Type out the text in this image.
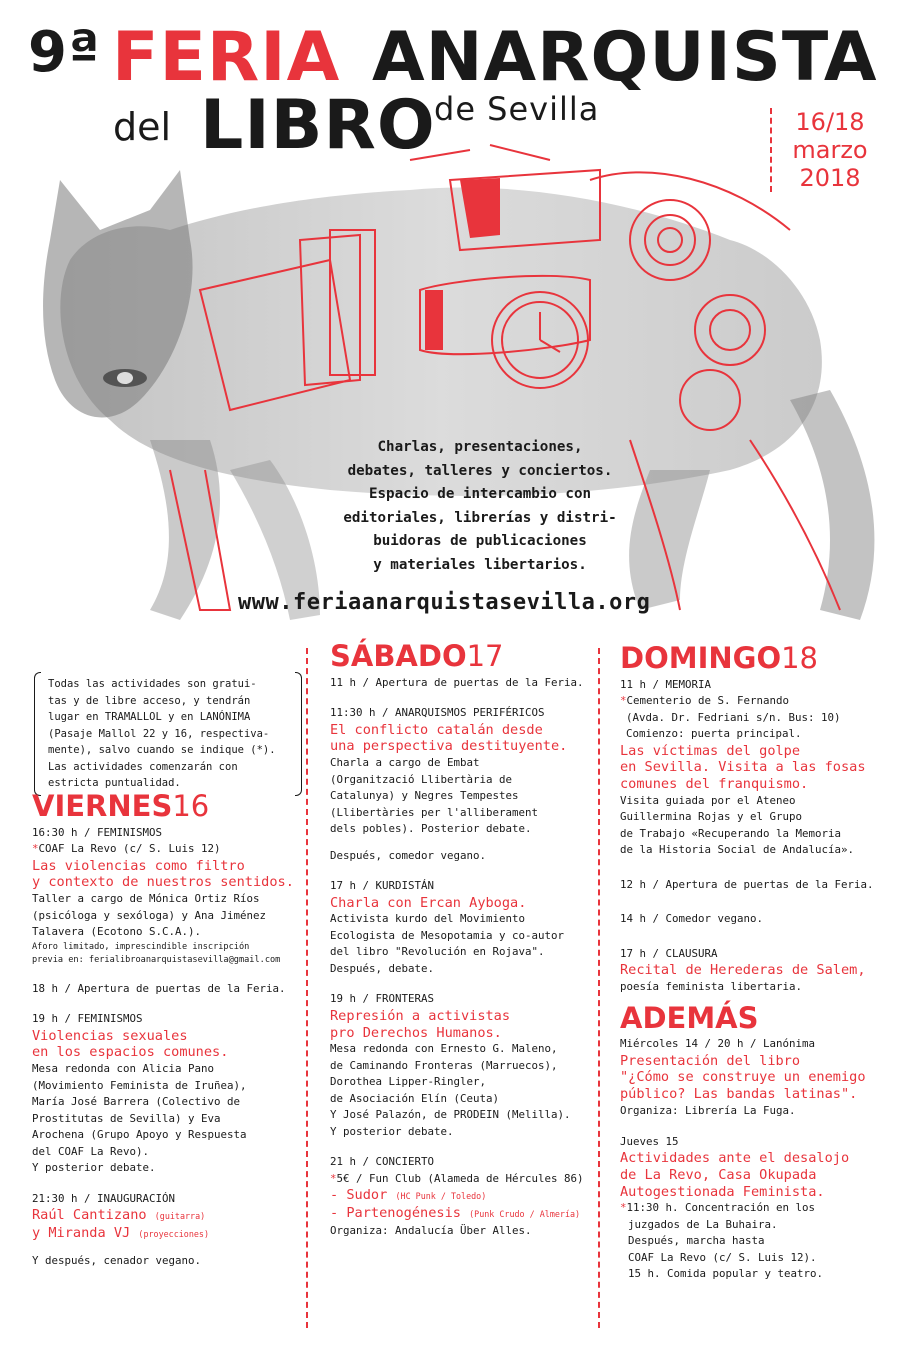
9ª FERIA ANARQUISTA
del LIBRO
de Sevilla	16/18
marzo
2018
Charlas, presentaciones,
debates, talleres y conciertos.
Espacio de intercambio con
editoriales, librerías y distri-
buidoras de publicaciones
y materiales libertarios.
www.feriaanarquistasevilla.org
Todas las actividades son gratui-
tas y de libre acceso, y tendrán
lugar en TRAMALLOL y en LANÓNIMA
(Pasaje Mallol 22 y 16, respectiva-
mente), salvo cuando se indique (*).
Las actividades comenzarán con
estricta puntualidad.
VIERNES16
16:30 h / FEMINISMOS
*COAF La Revo (c/ S. Luis 12)
Las violencias como filtro
y contexto de nuestros sentidos.
Taller a cargo de Mónica Ortiz Ríos
(psicóloga y sexóloga) y Ana Jiménez
Talavera (Ecotono S.C.A.).
Aforo limitado, imprescindible inscripción
previa en: ferialibroanarquistasevilla@gmail.com
18 h / Apertura de puertas de la Feria.
19 h / FEMINISMOS
Violencias sexuales
en los espacios comunes.
Mesa redonda con Alicia Pano
(Movimiento Feminista de Iruñea),
María José Barrera (Colectivo de
Prostitutas de Sevilla) y Eva
Arochena (Grupo Apoyo y Respuesta
del COAF La Revo).
Y posterior debate.
21:30 h / INAUGURACIÓN
Raúl Cantizano (guitarra)
y Miranda VJ (proyecciones)
Y después, cenador vegano.
SÁBADO17
11 h / Apertura de puertas de la Feria.
11:30 h / ANARQUISMOS PERIFÉRICOS
El conflicto catalán desde
una perspectiva destituyente.
Charla a cargo de Embat
(Organització Llibertària de
Catalunya) y Negres Tempestes
(Llibertàries per l'alliberament
dels pobles). Posterior debate.
Después, comedor vegano.
17 h / KURDISTÁN
Charla con Ercan Ayboga.
Activista kurdo del Movimiento
Ecologista de Mesopotamia y co-autor
del libro "Revolución en Rojava".
Después, debate.
19 h / FRONTERAS
Represión a activistas
pro Derechos Humanos.
Mesa redonda con Ernesto G. Maleno,
de Caminando Fronteras (Marruecos),
Dorothea Lipper-Ringler,
de Asociación Elín (Ceuta)
Y José Palazón, de PRODEIN (Melilla).
Y posterior debate.
21 h / CONCIERTO
*5€ / Fun Club (Alameda de Hércules 86)
- Sudor (HC Punk / Toledo)
- Partenogénesis (Punk Crudo / Almería)
Organiza: Andalucía Über Alles.
DOMINGO18
11 h / MEMORIA
*Cementerio de S. Fernando
(Avda. Dr. Fedriani s/n. Bus: 10)
Comienzo: puerta principal.
Las víctimas del golpe
en Sevilla. Visita a las fosas
comunes del franquismo.
Visita guiada por el Ateneo
Guillermina Rojas y el Grupo
de Trabajo «Recuperando la Memoria
de la Historia Social de Andalucía».
12 h / Apertura de puertas de la Feria.
14 h / Comedor vegano.
17 h / CLAUSURA
Recital de Herederas de Salem,
poesía feminista libertaria.
ADEMÁS
Miércoles 14 / 20 h / Lanónima
Presentación del libro
"¿Cómo se construye un enemigo
público? Las bandas latinas".
Organiza: Librería La Fuga.
Jueves 15
Actividades ante el desalojo
de La Revo, Casa Okupada
Autogestionada Feminista.
*11:30 h. Concentración en los
juzgados de La Buhaira.
Después, marcha hasta
COAF La Revo (c/ S. Luis 12).
15 h. Comida popular y teatro.
